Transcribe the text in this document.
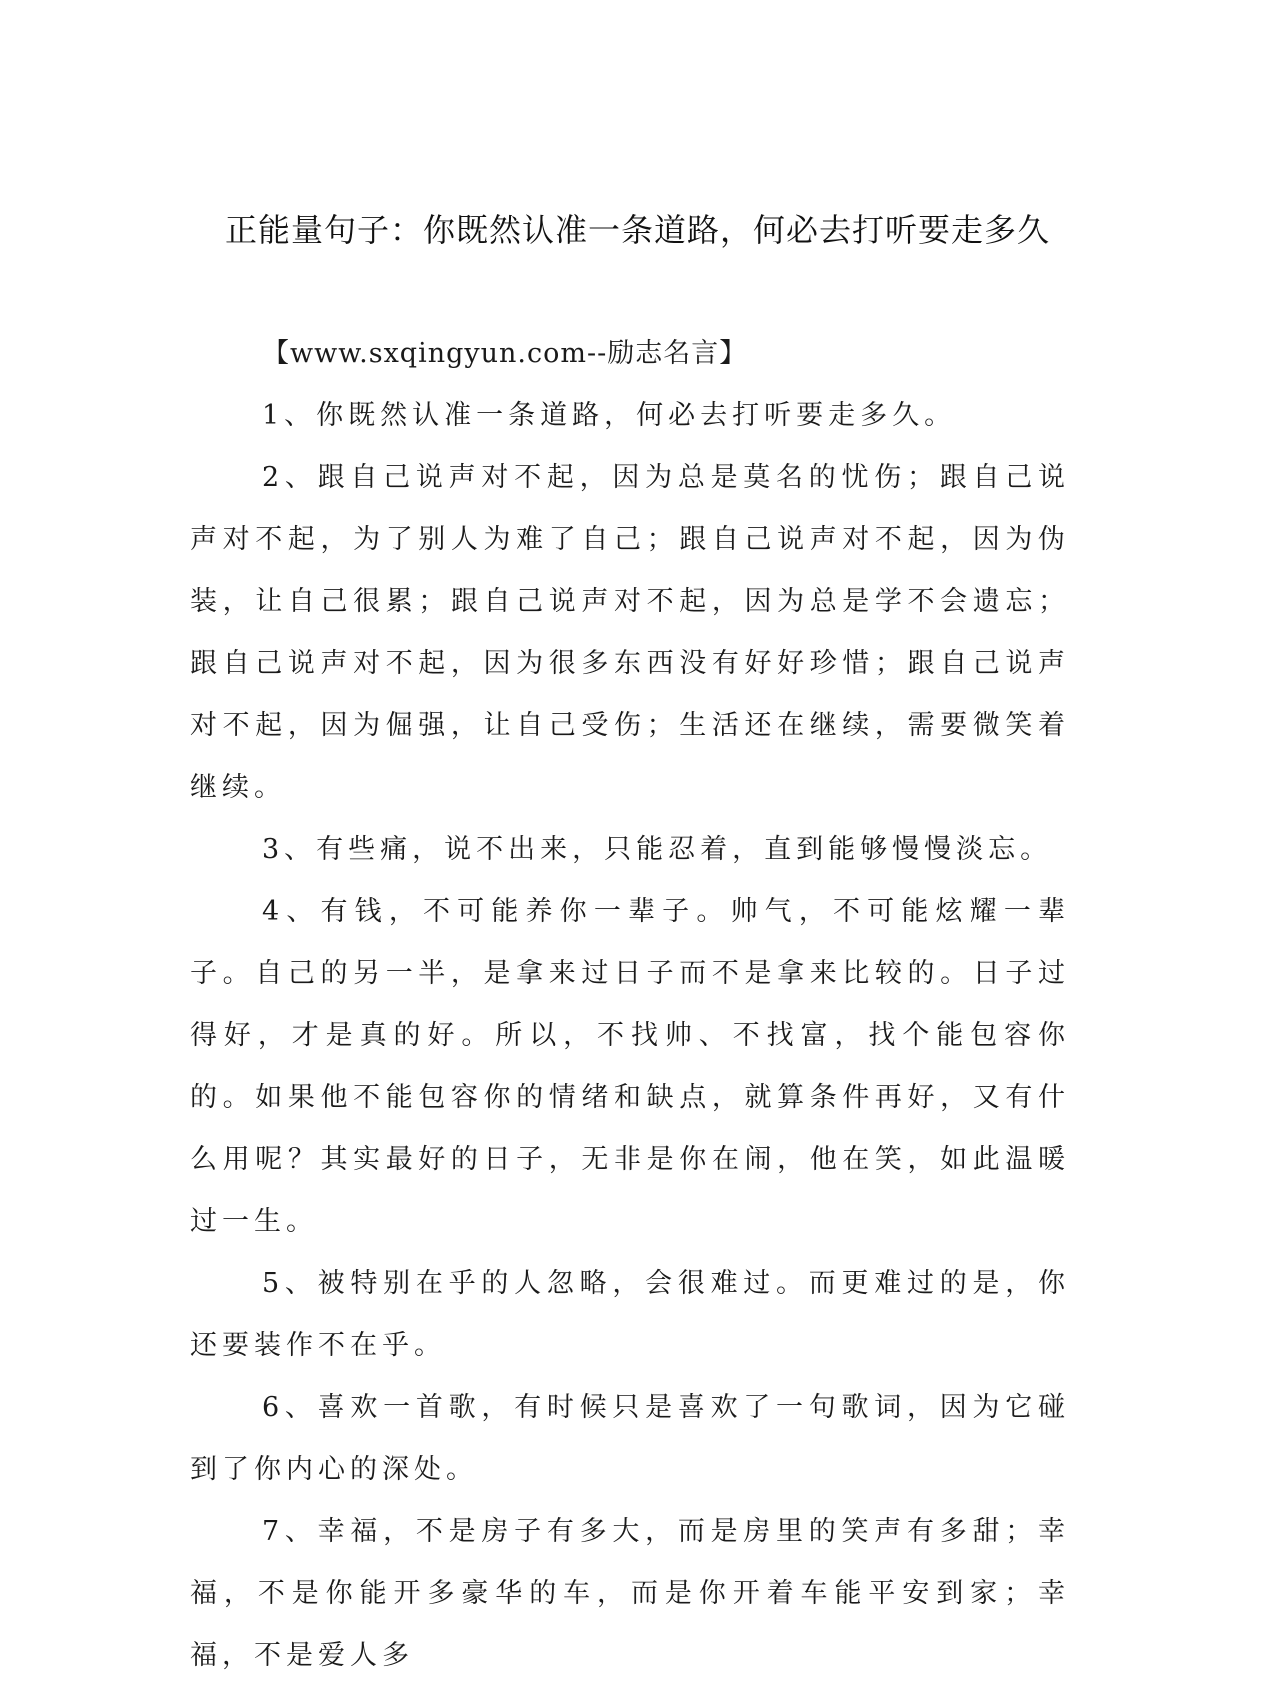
正能量句子：你既然认准一条道路，何必去打听要走多久

【www.sxqingyun.com--励志名言】

1、你既然认准一条道路，何必去打听要走多久。

2、跟自己说声对不起，因为总是莫名的忧伤；跟自己说声对不起，为了别人为难了自己；跟自己说声对不起，因为伪装，让自己很累；跟自己说声对不起，因为总是学不会遗忘；跟自己说声对不起，因为很多东西没有好好珍惜；跟自己说声对不起，因为倔强，让自己受伤；生活还在继续，需要微笑着继续。

3、有些痛，说不出来，只能忍着，直到能够慢慢淡忘。

4、有钱，不可能养你一辈子。帅气，不可能炫耀一辈子。自己的另一半，是拿来过日子而不是拿来比较的。日子过得好，才是真的好。所以，不找帅、不找富，找个能包容你的。如果他不能包容你的情绪和缺点，就算条件再好，又有什么用呢？其实最好的日子，无非是你在闹，他在笑，如此温暖过一生。

5、被特别在乎的人忽略，会很难过。而更难过的是，你还要装作不在乎。

6、喜欢一首歌，有时候只是喜欢了一句歌词，因为它碰到了你内心的深处。

7、幸福，不是房子有多大，而是房里的笑声有多甜；幸福，不是你能开多豪华的车，而是你开着车能平安到家；幸福，不是爱人多
